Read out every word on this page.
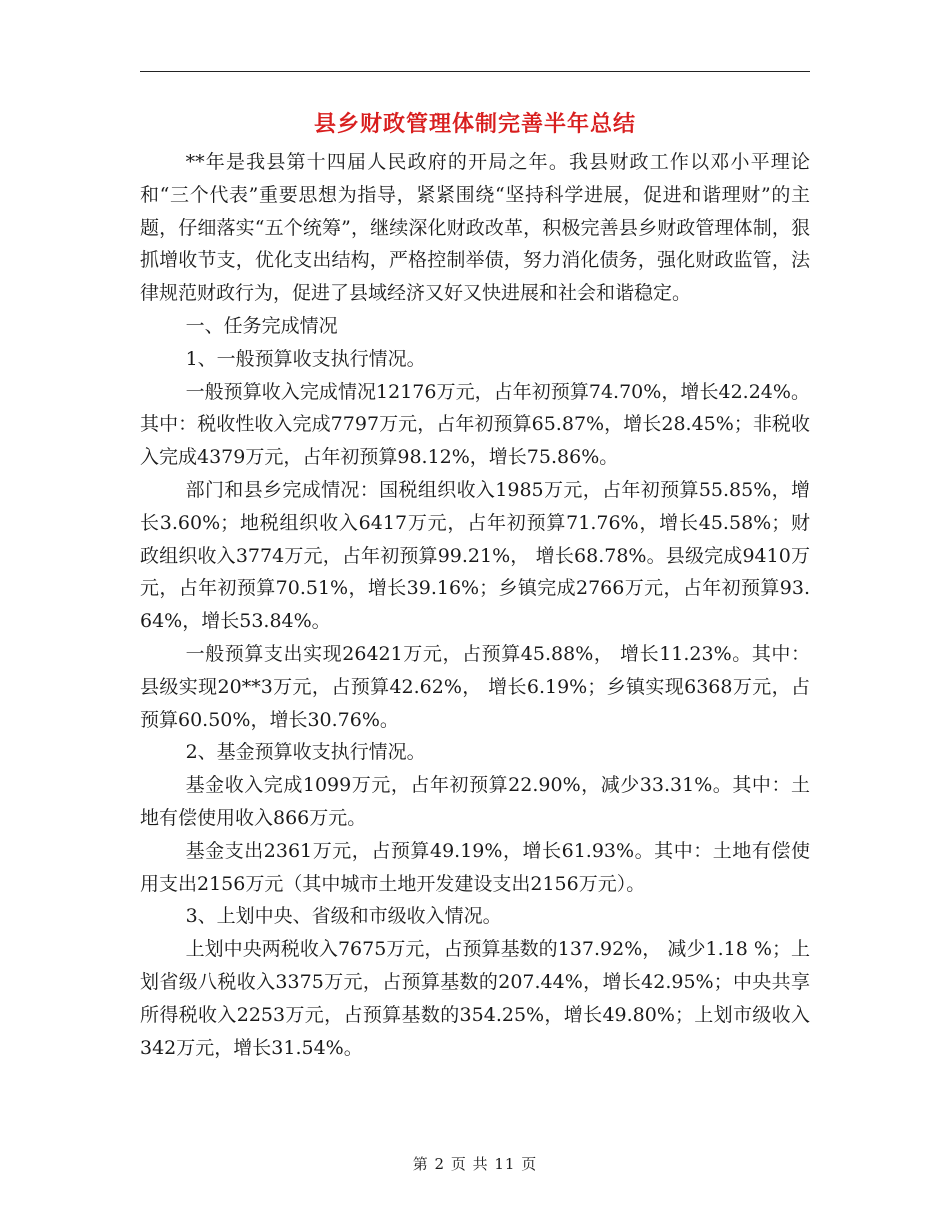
县乡财政管理体制完善半年总结

**年是我县第十四届人民政府的开局之年。我县财政工作以邓小平理论和“三个代表”重要思想为指导，紧紧围绕“坚持科学进展，促进和谐理财”的主题，仔细落实“五个统筹”，继续深化财政改革，积极完善县乡财政管理体制，狠抓增收节支，优化支出结构，严格控制举债，努力消化债务，强化财政监管，法律规范财政行为，促进了县域经济又好又快进展和社会和谐稳定。

一、任务完成情况

1、一般预算收支执行情况。

一般预算收入完成情况12176万元，占年初预算74.70%，增长42.24%。其中：税收性收入完成7797万元，占年初预算65.87%，增长28.45%；非税收入完成4379万元，占年初预算98.12%，增长75.86%。

部门和县乡完成情况：国税组织收入1985万元，占年初预算55.85%，增长3.60%；地税组织收入6417万元，占年初预算71.76%，增长45.58%；财政组织收入3774万元，占年初预算99.21%， 增长68.78%。县级完成9410万元，占年初预算70.51%，增长39.16%；乡镇完成2766万元，占年初预算93.64%，增长53.84%。

一般预算支出实现26421万元，占预算45.88%， 增长11.23%。其中：县级实现20**3万元，占预算42.62%， 增长6.19%；乡镇实现6368万元，占预算60.50%，增长30.76%。

2、基金预算收支执行情况。

基金收入完成1099万元，占年初预算22.90%，减少33.31%。其中：土地有偿使用收入866万元。

基金支出2361万元，占预算49.19%，增长61.93%。其中：土地有偿使用支出2156万元（其中城市土地开发建设支出2156万元）。

3、上划中央、省级和市级收入情况。

上划中央两税收入7675万元，占预算基数的137.92%， 减少1.18 %；上划省级八税收入3375万元，占预算基数的207.44%，增长42.95%；中央共享所得税收入2253万元，占预算基数的354.25%，增长49.80%；上划市级收入342万元，增长31.54%。

第 2 页 共 11 页
